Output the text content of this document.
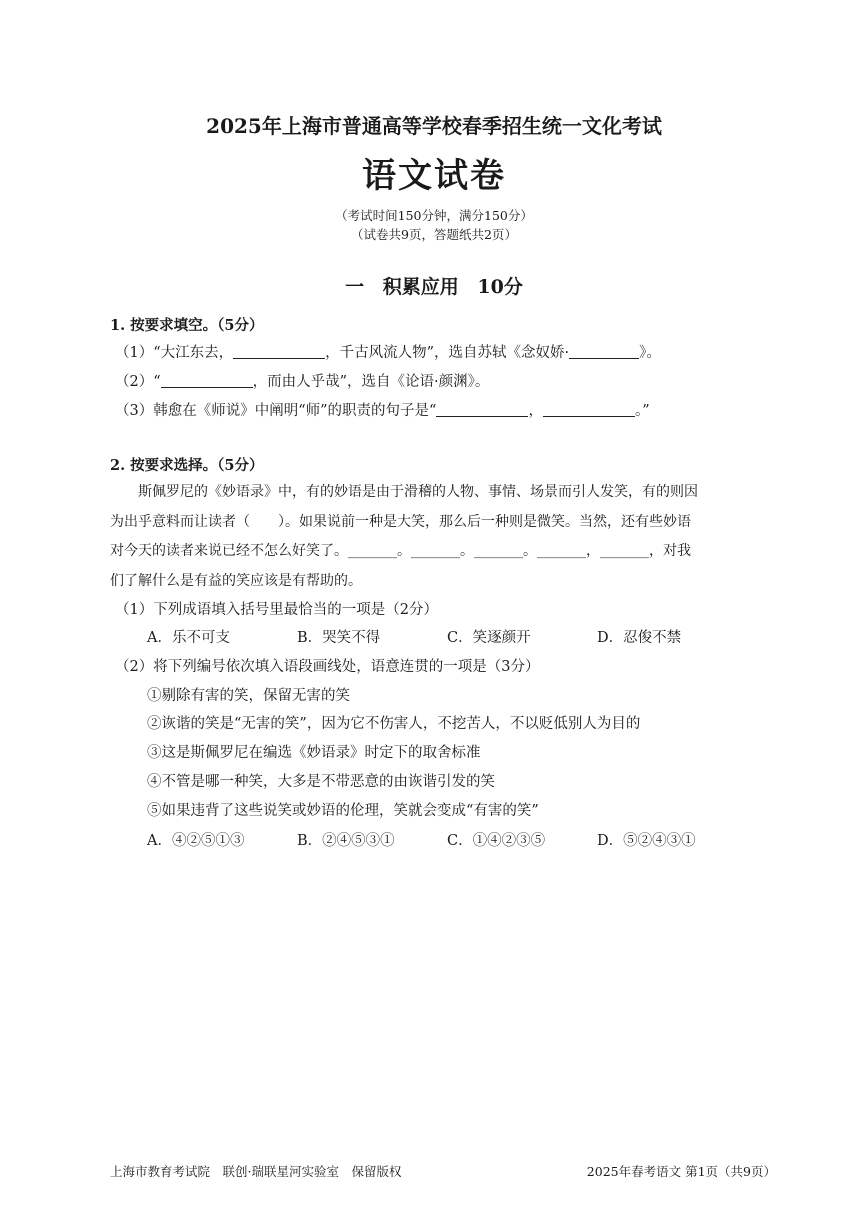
2025年上海市普通高等学校春季招生统一文化考试
语文试卷
（考试时间150分钟，满分150分）
（试卷共9页，答题纸共2页）
一 积累应用 10分
1. 按要求填空。（5分）
（1）“大江东去，	，千古风流人物”，选自苏轼《念奴娇·	》。
（2）“	，而由人乎哉”，选自《论语·颜渊》。
（3）韩愈在《师说》中阐明“师”的职责的句子是“	，	。”
2. 按要求选择。（5分）

　　斯佩罗尼的《妙语录》中，有的妙语是由于滑稽的人物、事情、场景而引人发笑，有的则因

为出乎意料而让读者（　　）。如果说前一种是大笑，那么后一种则是微笑。当然，还有些妙语

对今天的读者来说已经不怎么好笑了。_______。_______。_______。_______，_______，对我

们了解什么是有益的笑应该是有帮助的。

（1）下列成语填入括号里最恰当的一项是（2分）
A．乐不可支	B．哭笑不得	C．笑逐颜开	D．忍俊不禁
（2）将下列编号依次填入语段画线处，语意连贯的一项是（3分）
①剔除有害的笑，保留无害的笑
②诙谐的笑是“无害的笑”，因为它不伤害人，不挖苦人，不以贬低别人为目的
③这是斯佩罗尼在编选《妙语录》时定下的取舍标准
④不管是哪一种笑，大多是不带恶意的由诙谐引发的笑
⑤如果违背了这些说笑或妙语的伦理，笑就会变成“有害的笑”
A．④②⑤①③	B．②④⑤③①	C．①④②③⑤	D．⑤②④③①
上海市教育考试院　联创·瑞联星河实验室　保留版权	2025年春考语文 第1页（共9页）
